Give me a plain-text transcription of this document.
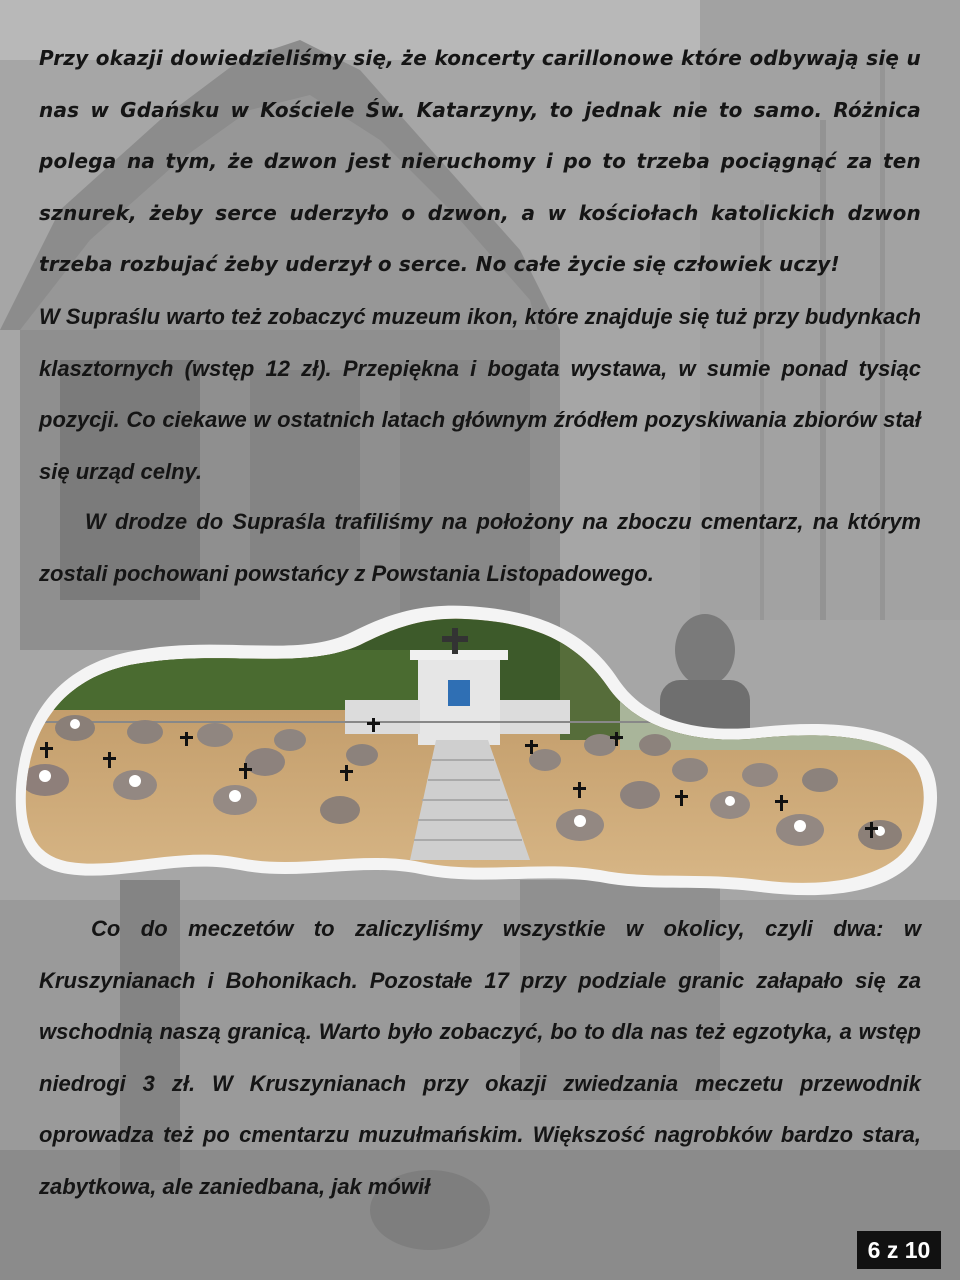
Przy okazji dowiedzieliśmy się, że koncerty carillonowe które odbywają się u nas w Gdańsku w Kościele Św. Katarzyny, to jednak nie to samo. Różnica polega na tym, że dzwon jest nieruchomy i po to trzeba pociągnąć za ten sznurek, żeby serce uderzyło o dzwon, a w kościołach katolickich dzwon trzeba rozbujać żeby uderzył o serce. No całe życie się człowiek uczy!

W Supraślu warto też zobaczyć muzeum ikon, które znajduje się tuż przy budynkach klasztornych (wstęp 12 zł). Przepiękna i bogata wystawa, w sumie ponad tysiąc pozycji. Co ciekawe w ostatnich latach głównym źródłem pozyskiwania zbiorów stał się urząd celny.

W drodze do Supraśla trafiliśmy na położony na zboczu cmentarz, na którym zostali pochowani powstańcy z Powstania Listopadowego.

Co do meczetów to zaliczyliśmy wszystkie w okolicy, czyli dwa: w Kruszynianach i Bohonikach. Pozostałe 17 przy podziale granic załapało się za wschodnią naszą granicą. Warto było zobaczyć, bo to dla nas też egzotyka, a wstęp niedrogi 3 zł. W Kruszynianach przy okazji zwiedzania meczetu przewodnik oprowadza też po cmentarzu muzułmańskim. Większość nagrobków bardzo stara, zabytkowa, ale zaniedbana, jak mówił

6 z 10
